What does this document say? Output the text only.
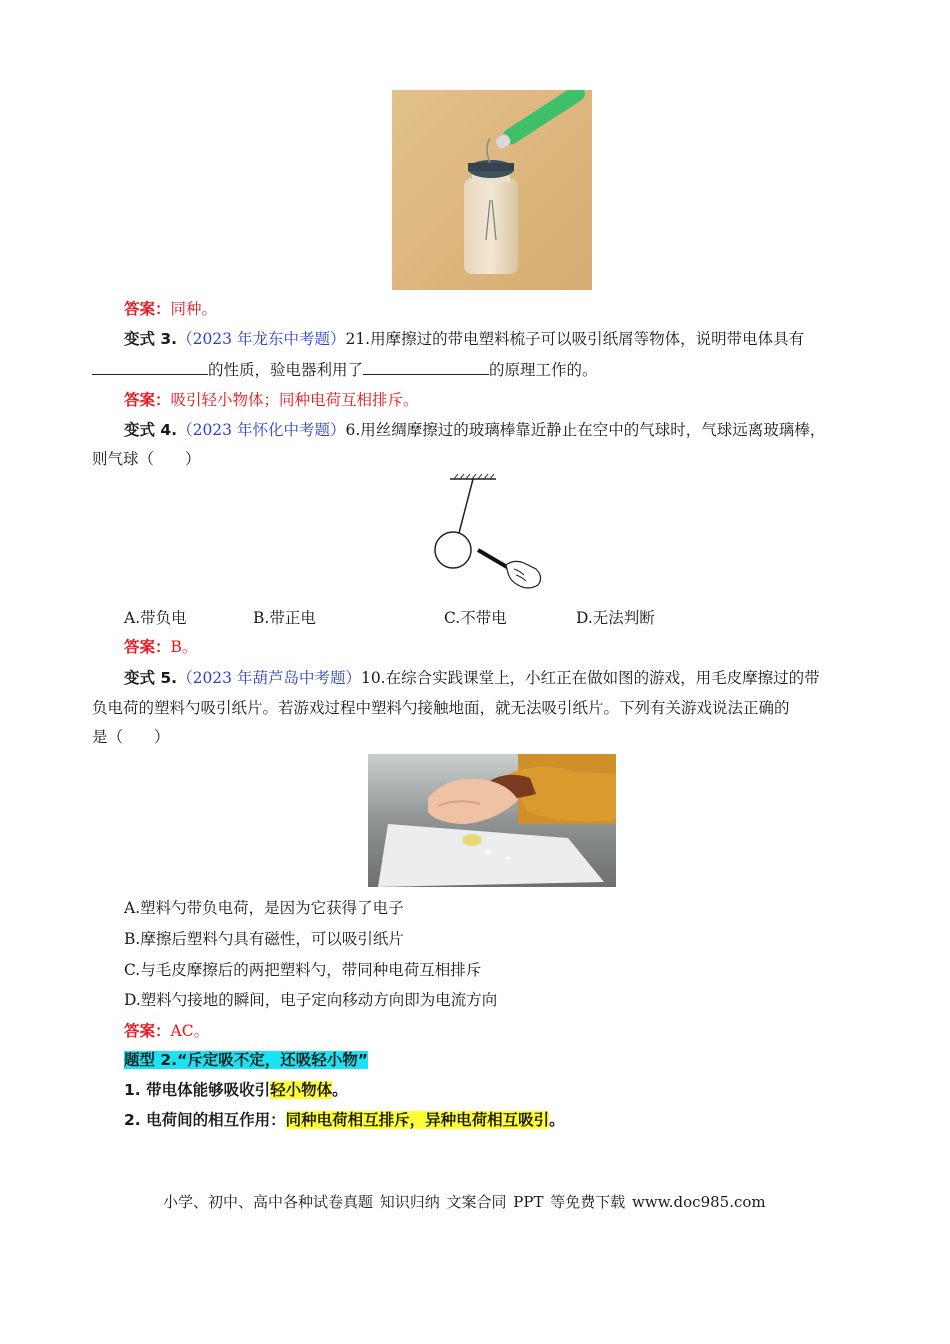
答案：同种。
变式 3.（2023 年龙东中考题）21.用摩擦过的带电塑料梳子可以吸引纸屑等物体，说明带电体具有
的性质，验电器利用了	的原理工作的。
答案：吸引轻小物体；同种电荷互相排斥。
变式 4.（2023 年怀化中考题）6.用丝绸摩擦过的玻璃棒靠近静止在空中的气球时，气球远离玻璃棒，
则气球（　　）
A.带负电	B.带正电	C.不带电	D.无法判断
答案：B。
变式 5.（2023 年葫芦岛中考题）10.在综合实践课堂上，小红正在做如图的游戏，用毛皮摩擦过的带
负电荷的塑料勺吸引纸片。若游戏过程中塑料勺接触地面，就无法吸引纸片。下列有关游戏说法正确的
是（　　）
A.塑料勺带负电荷，是因为它获得了电子
B.摩擦后塑料勺具有磁性，可以吸引纸片
C.与毛皮摩擦后的两把塑料勺，带同种电荷互相排斥
D.塑料勺接地的瞬间，电子定向移动方向即为电流方向
答案：AC。
题型 2.“斥定吸不定，还吸轻小物”
1. 带电体能够吸收引轻小物体。
2. 电荷间的相互作用：同种电荷相互排斥，异种电荷相互吸引。
小学、初中、高中各种试卷真题 知识归纳 文案合同 PPT 等免费下载 www.doc985.com
